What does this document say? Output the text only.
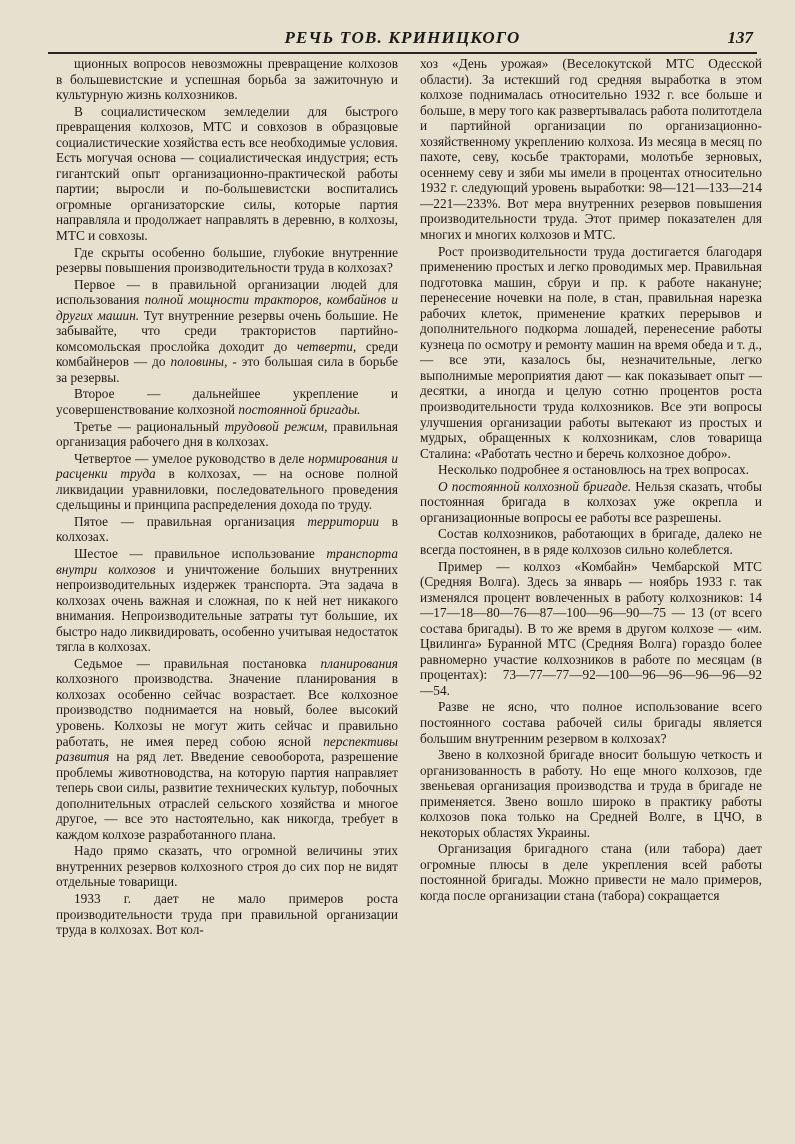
РЕЧЬ ТОВ. КРИНИЦКОГО	137

щионных вопросов невозможны превращение колхозов в большевистские и успешная борьба за зажиточную и культурную жизнь колхозников.

В социалистическом земледелии для быстрого превращения колхозов, МТС и совхозов в образцовые социалистические хозяйства есть все необходимые условия. Есть могучая основа — социалистическая индустрия; есть гигантский опыт организационно-практической работы партии; выросли и по-большевистски воспитались огромные организаторские силы, которые партия направляла и продолжает направлять в деревню, в колхозы, МТС и совхозы.

Где скрыты особенно большие, глубокие внутренние резервы повышения производительности труда в колхозах?

Первое — в правильной организации людей для использования полной мощности тракторов, комбайнов и других машин. Тут внутренние резервы очень большие. Не забывайте, что среди трактористов партийно-комсомольская прослойка доходит до четверти, среди комбайнеров — до половины, - это большая сила в борьбе за резервы.

Второе — дальнейшее укрепление и усовершенствование колхозной постоянной бригады.

Третье — рациональный трудовой режим, правильная организация рабочего дня в колхозах.

Четвертое — умелое руководство в деле нормирования и расценки труда в колхозах, — на основе полной ликвидации уравниловки, последовательного проведения сдельщины и принципа распределения дохода по труду.

Пятое — правильная организация территории в колхозах.

Шестое — правильное использование транспорта внутри колхозов и уничтожение больших внутренних непроизводительных издержек транспорта. Эта задача в колхозах очень важная и сложная, по к ней нет никакого внимания. Непроизводительные затраты тут большие, их быстро надо ликвидировать, особенно учитывая недостаток тягла в колхозах.

Седьмое — правильная постановка планирования колхозного производства. Значение планирования в колхозах особенно сейчас возрастает. Все колхозное производство поднимается на новый, более высокий уровень. Колхозы не могут жить сейчас и правильно работать, не имея перед собою ясной перспективы развития на ряд лет. Введение севооборота, разрешение проблемы животноводства, на которую партия направляет теперь свои силы, развитие технических культур, побочных дополнительных отраслей сельского хозяйства и многое другое, — все это настоятельно, как никогда, требует в каждом колхозе разработанного плана.

Надо прямо сказать, что огромной величины этих внутренних резервов колхозного строя до сих пор не видят отдельные товарищи.

1933 г. дает не мало примеров роста производительности труда при правильной организации труда в колхозах. Вот кол-

хоз «День урожая» (Веселокутской МТС Одесской области). За истекший год средняя выработка в этом колхозе поднималась относительно 1932 г. все больше и больше, в меру того как развертывалась работа политотдела и партийной организации по организационно-хозяйственному укреплению колхоза. Из месяца в месяц по пахоте, севу, косьбе тракторами, молотьбе зерновых, осеннему севу и зяби мы имели в процентах относительно 1932 г. следующий уровень выработки: 98—121—133—214—221—233%. Вот мера внутренних резервов повышения производительности труда. Этот пример показателен для многих и многих колхозов и МТС.

Рост производительности труда достигается благодаря применению простых и легко проводимых мер. Правильная подготовка машин, сбруи и пр. к работе накануне; перенесение ночевки на поле, в стан, правильная нарезка рабочих клеток, применение кратких перерывов и дополнительного подкорма лошадей, перенесение работы кузнеца по осмотру и ремонту машин на время обеда и т. д., — все эти, казалось бы, незначительные, легко выполнимые мероприятия дают — как показывает опыт — десятки, а иногда и целую сотню процентов роста производительности труда колхозников. Все эти вопросы улучшения организации работы вытекают из простых и мудрых, обращенных к колхозникам, слов товарища Сталина: «Работать честно и беречь колхозное добро».

Несколько подробнее я остановлюсь на трех вопросах.

О постоянной колхозной бригаде. Нельзя сказать, чтобы постоянная бригада в колхозах уже окрепла и организационные вопросы ее работы все разрешены.

Состав колхозников, работающих в бригаде, далеко не всегда постоянен, в в ряде колхозов сильно колеблется.

Пример — колхоз «Комбайн» Чембарской МТС (Средняя Волга). Здесь за январь — ноябрь 1933 г. так изменялся процент вовлеченных в работу колхозников: 14—17—18—80—76—87—100—96—90—75 — 13 (от всего состава бригады). В то же время в другом колхозе — «им. Цвилинга» Буранной МТС (Средняя Волга) гораздо более равномерно участие колхозников в работе по месяцам (в процентах): 73—77—77—92—100—96—96—96—96—92—54.

Разве не ясно, что полное использование всего постоянного состава рабочей силы бригады является большим внутренним резервом в колхозах?

Звено в колхозной бригаде вносит большую четкость и организованность в работу. Но еще много колхозов, где звеньевая организация производства и труда в бригаде не применяется. Звено вошло широко в практику работы колхозов пока только на Средней Волге, в ЦЧО, в некоторых областях Украины.

Организация бригадного стана (или табора) дает огромные плюсы в деле укрепления всей работы постоянной бригады. Можно привести не мало примеров, когда после организации стана (табора) сокращается
